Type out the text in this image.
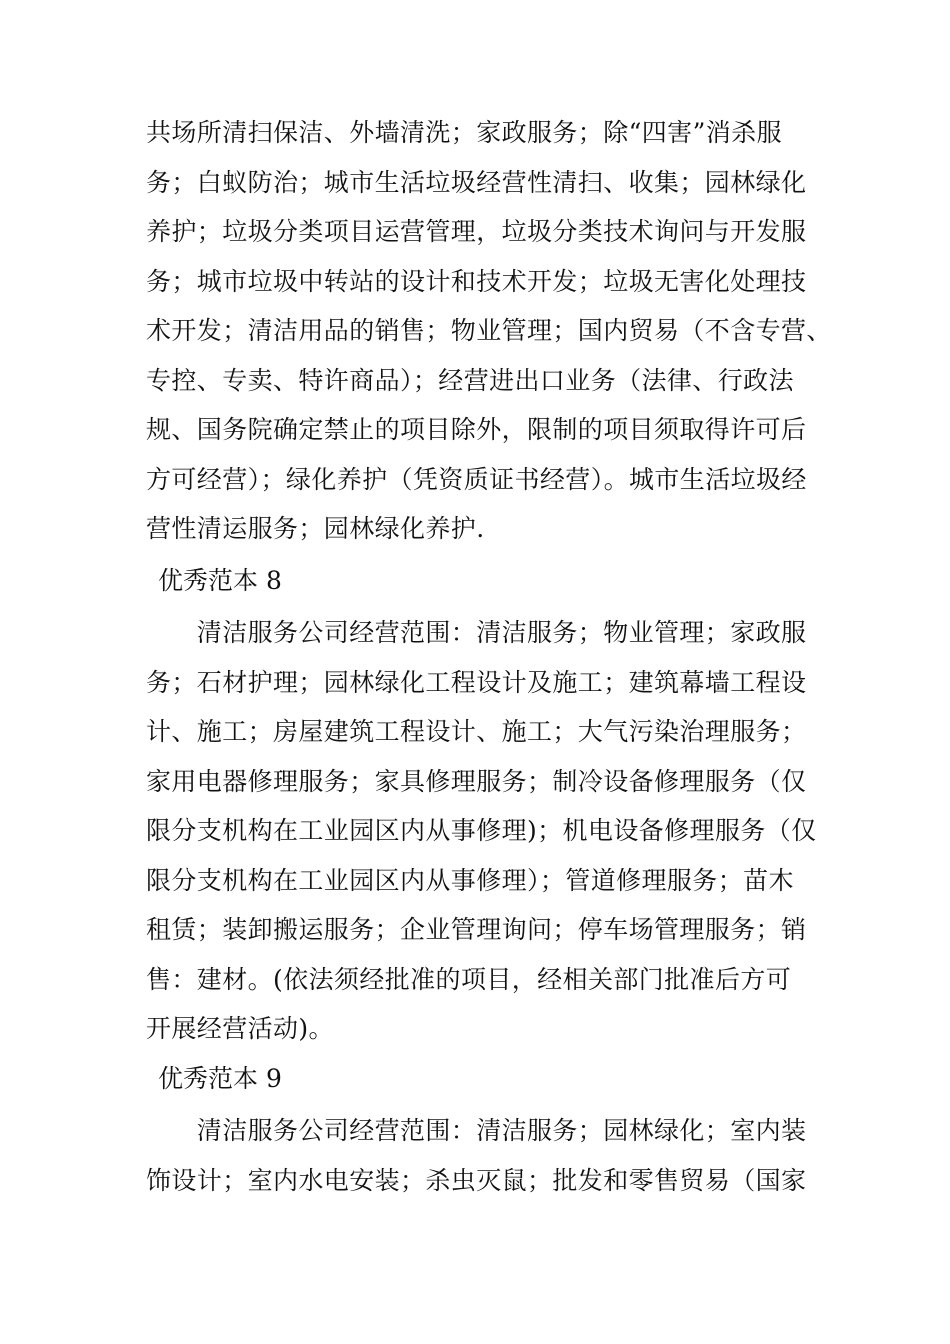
共场所清扫保洁、外墙清洗；家政服务；除“四害”消杀服
务；白蚁防治；城市生活垃圾经营性清扫、收集；园林绿化
养护；垃圾分类项目运营管理，垃圾分类技术询问与开发服
务；城市垃圾中转站的设计和技术开发；垃圾无害化处理技
术开发；清洁用品的销售；物业管理；国内贸易（不含专营、
专控、专卖、特许商品）；经营进出口业务（法律、行政法
规、国务院确定禁止的项目除外，限制的项目须取得许可后
方可经营）；绿化养护（凭资质证书经营）。城市生活垃圾经
营性清运服务；园林绿化养护.
优秀范本 8
　　清洁服务公司经营范围：清洁服务；物业管理；家政服
务；石材护理；园林绿化工程设计及施工；建筑幕墙工程设
计、施工；房屋建筑工程设计、施工；大气污染治理服务；
家用电器修理服务；家具修理服务；制冷设备修理服务（仅
限分支机构在工业园区内从事修理)；机电设备修理服务（仅
限分支机构在工业园区内从事修理）；管道修理服务；苗木
租赁；装卸搬运服务；企业管理询问；停车场管理服务；销
售：建材。(依法须经批准的项目，经相关部门批准后方可
开展经营活动)。
优秀范本 9
　　清洁服务公司经营范围：清洁服务；园林绿化；室内装
饰设计；室内水电安装；杀虫灭鼠；批发和零售贸易（国家
